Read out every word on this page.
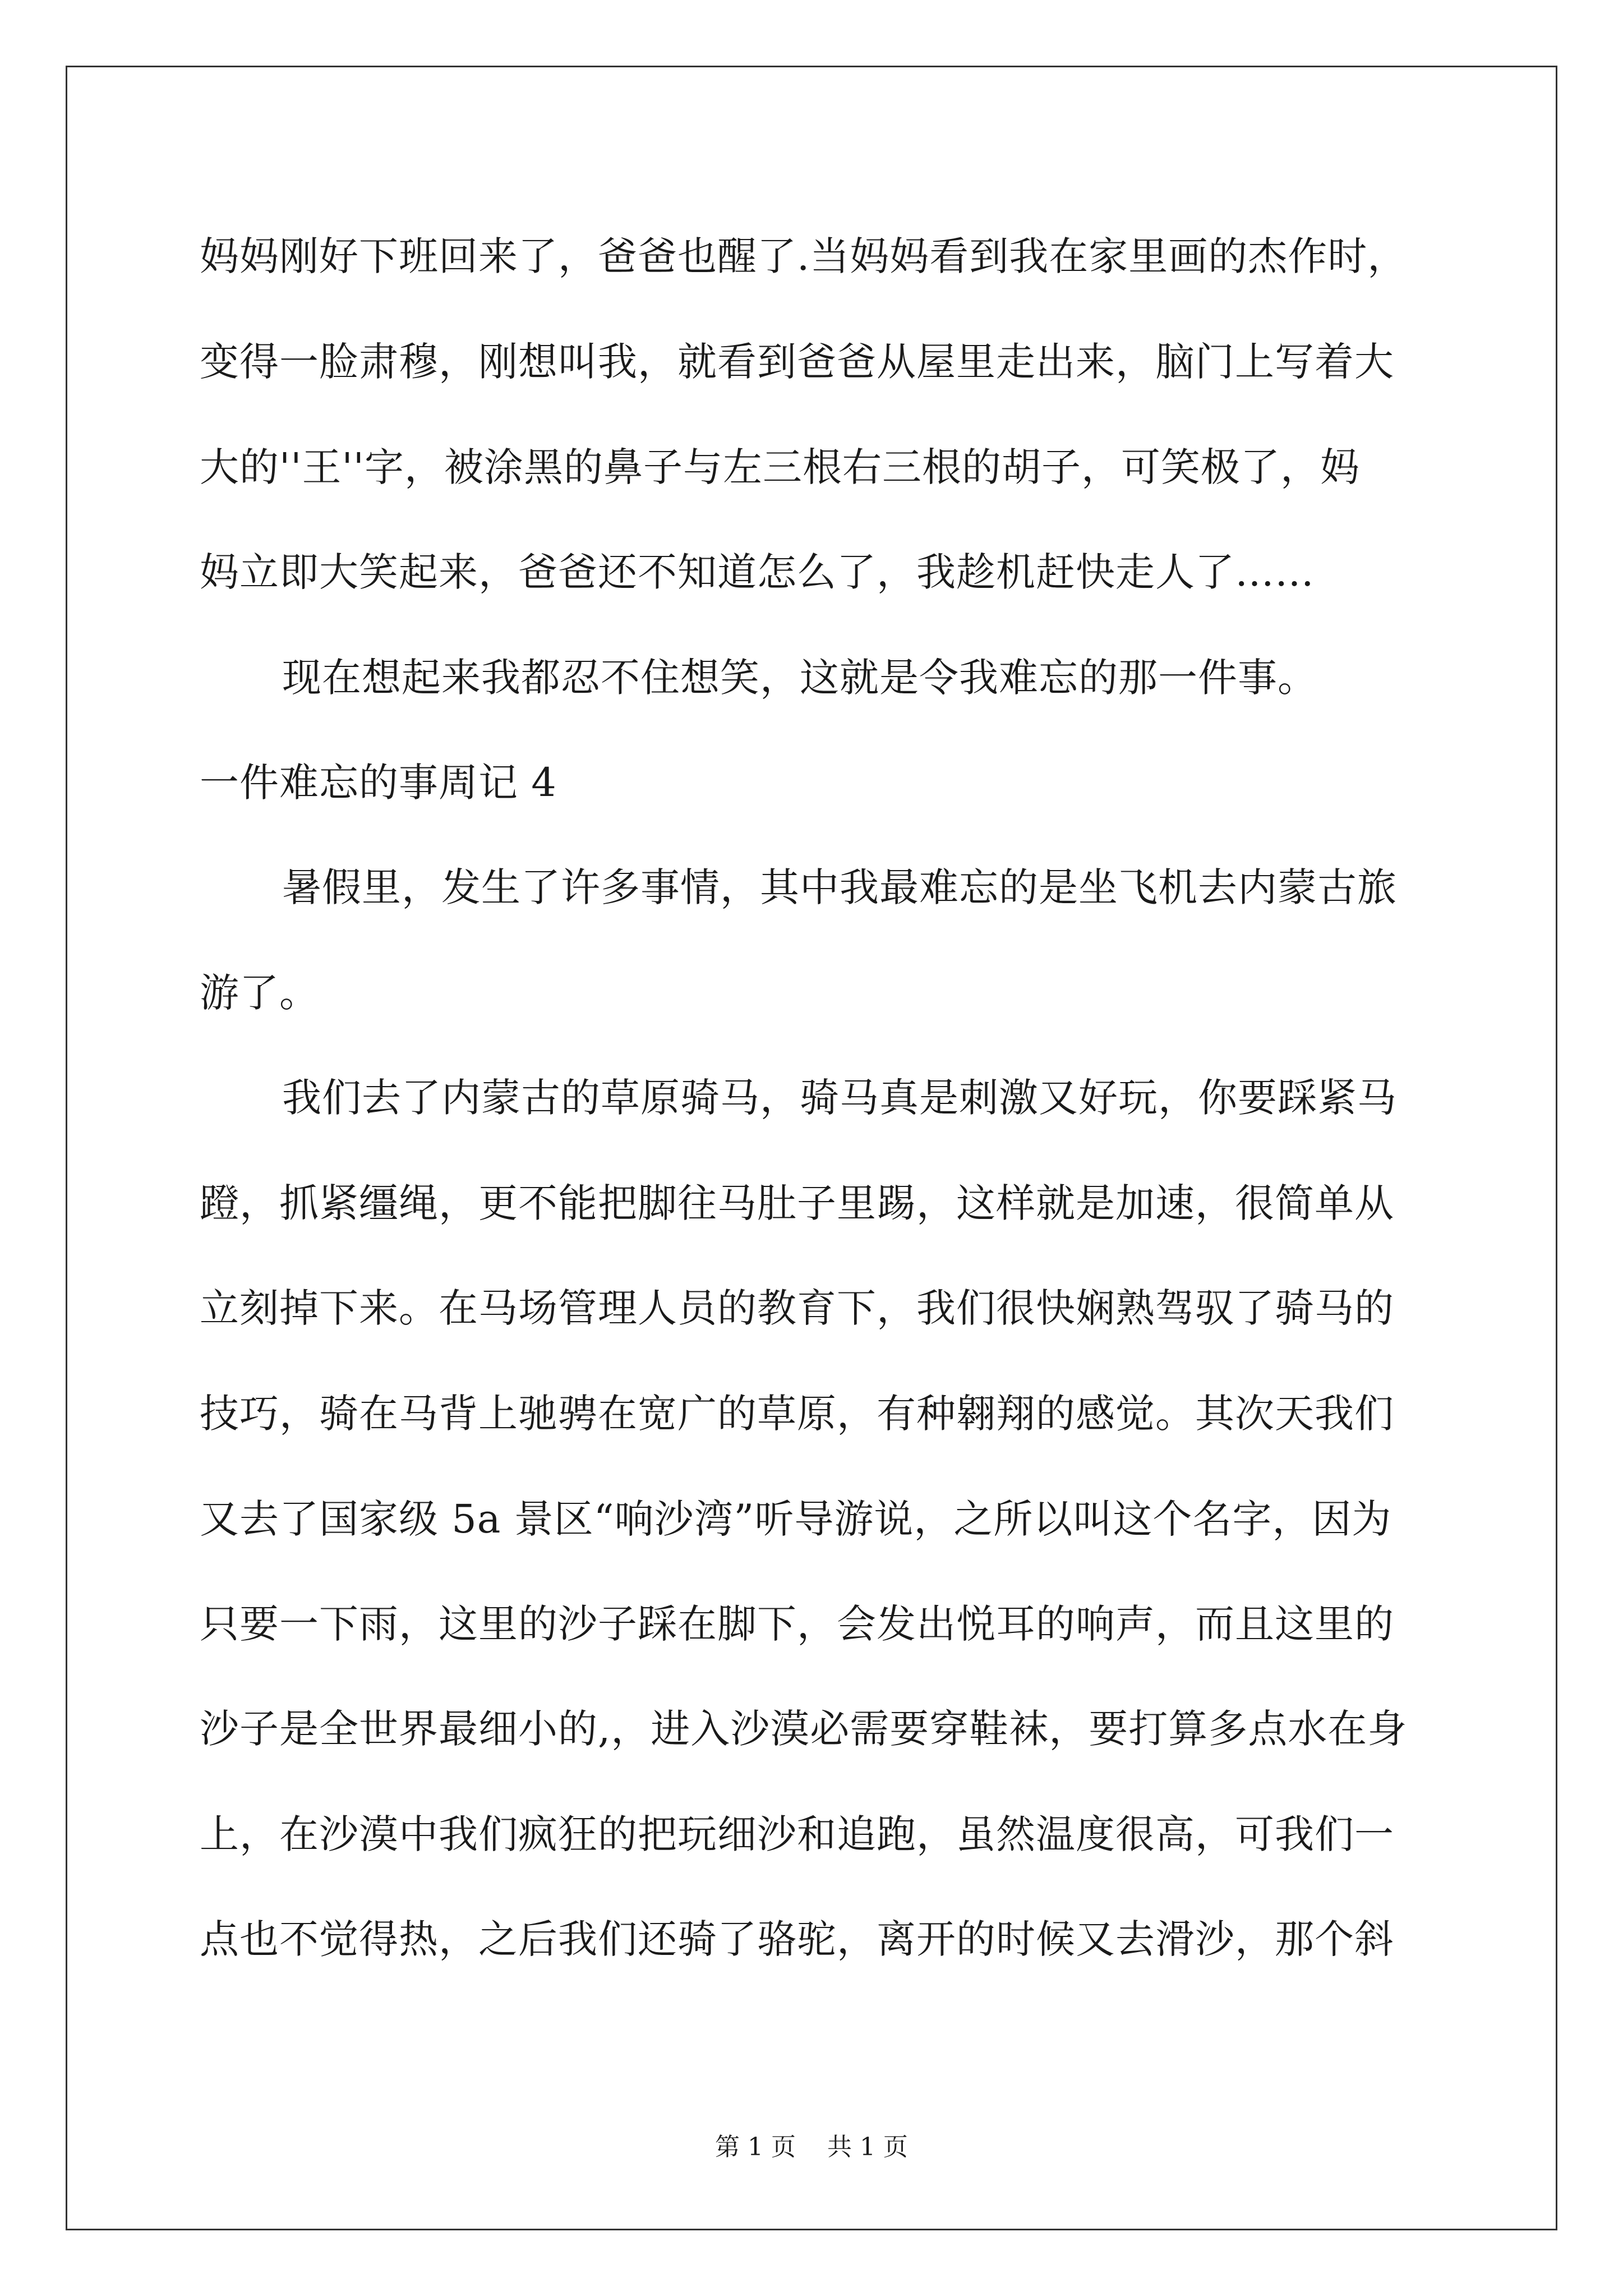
妈妈刚好下班回来了，爸爸也醒了.当妈妈看到我在家里画的杰作时，
变得一脸肃穆，刚想叫我，就看到爸爸从屋里走出来，脑门上写着大
大的''王''字，被涂黑的鼻子与左三根右三根的胡子，可笑极了，妈
妈立即大笑起来，爸爸还不知道怎么了，我趁机赶快走人了……
现在想起来我都忍不住想笑，这就是令我难忘的那一件事。
一件难忘的事周记 4
暑假里，发生了许多事情，其中我最难忘的是坐飞机去内蒙古旅
游了。
我们去了内蒙古的草原骑马，骑马真是刺激又好玩，你要踩紧马
蹬，抓紧缰绳，更不能把脚往马肚子里踢，这样就是加速，很简单从
立刻掉下来。在马场管理人员的教育下，我们很快娴熟驾驭了骑马的
技巧，骑在马背上驰骋在宽广的草原，有种翱翔的感觉。其次天我们
又去了国家级 5a 景区“响沙湾”听导游说，之所以叫这个名字，因为
只要一下雨，这里的沙子踩在脚下，会发出悦耳的响声，而且这里的
沙子是全世界最细小的,，进入沙漠必需要穿鞋袜，要打算多点水在身
上，在沙漠中我们疯狂的把玩细沙和追跑，虽然温度很高，可我们一
点也不觉得热，之后我们还骑了骆驼，离开的时候又去滑沙，那个斜
第 1 页 共 1 页
